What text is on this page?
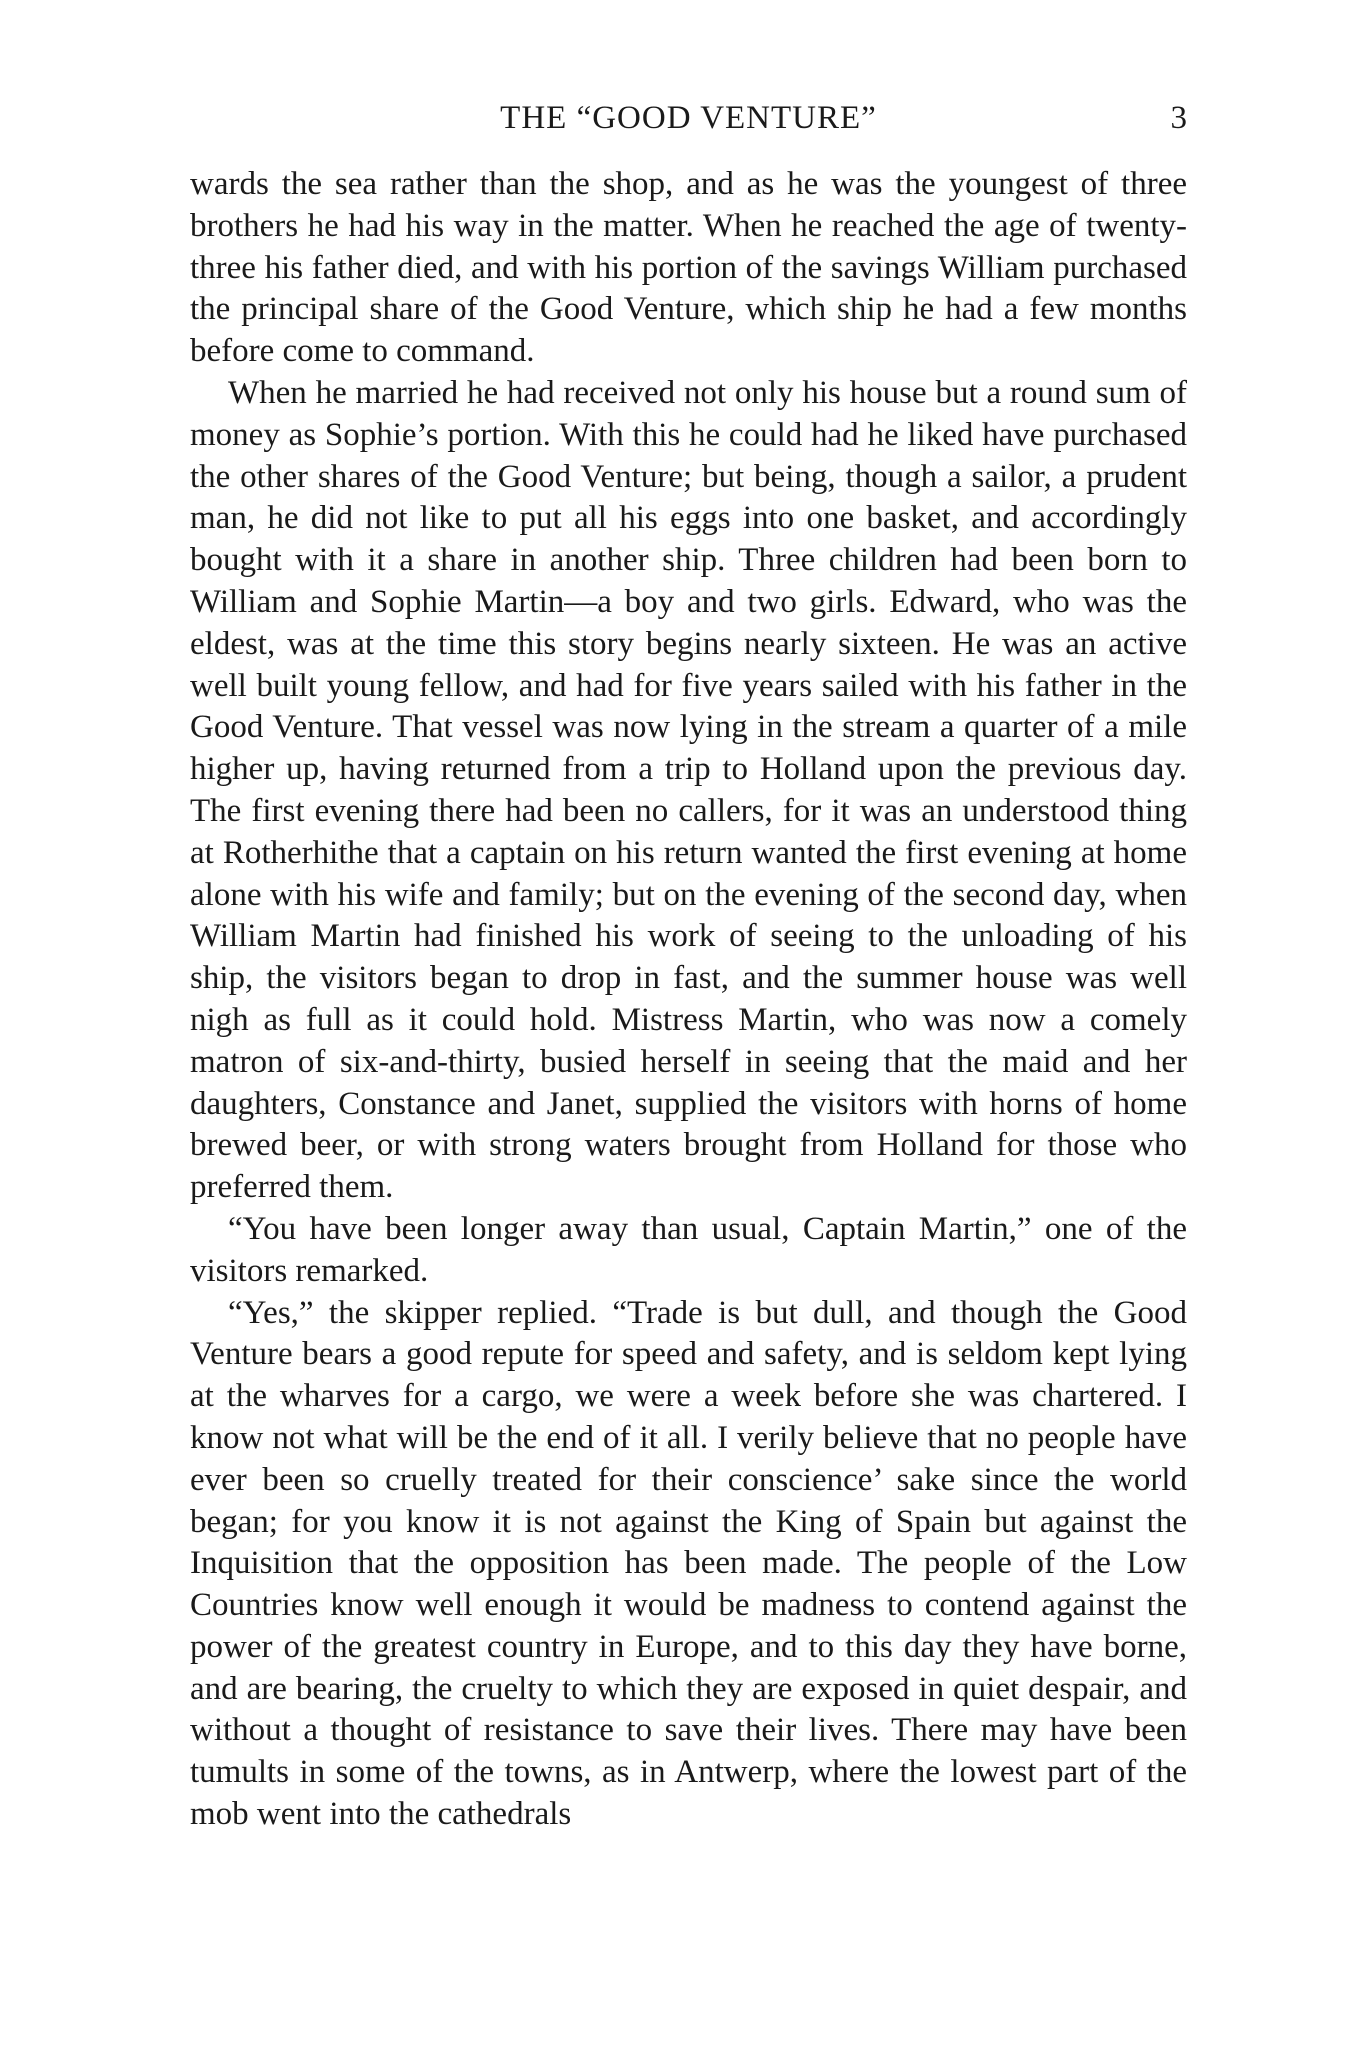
THE “GOOD VENTURE”	3

wards the sea rather than the shop, and as he was the youngest of three brothers he had his way in the matter. When he reached the age of twenty-three his father died, and with his portion of the savings William purchased the principal share of the Good Venture, which ship he had a few months before come to command.

When he married he had received not only his house but a round sum of money as Sophie’s portion. With this he could had he liked have purchased the other shares of the Good Venture; but being, though a sailor, a prudent man, he did not like to put all his eggs into one basket, and accordingly bought with it a share in another ship. Three children had been born to William and Sophie Martin—a boy and two girls. Edward, who was the eldest, was at the time this story begins nearly sixteen. He was an active well built young fellow, and had for five years sailed with his father in the Good Venture. That vessel was now lying in the stream a quarter of a mile higher up, having returned from a trip to Holland upon the previous day. The first evening there had been no callers, for it was an understood thing at Rotherhithe that a captain on his return wanted the first evening at home alone with his wife and family; but on the evening of the second day, when William Martin had finished his work of seeing to the unloading of his ship, the visitors began to drop in fast, and the summer house was well nigh as full as it could hold. Mistress Martin, who was now a comely matron of six-and-thirty, busied herself in seeing that the maid and her daughters, Constance and Janet, supplied the visitors with horns of home brewed beer, or with strong waters brought from Holland for those who preferred them.

“You have been longer away than usual, Captain Martin,” one of the visitors remarked.

“Yes,” the skipper replied. “Trade is but dull, and though the Good Venture bears a good repute for speed and safety, and is seldom kept lying at the wharves for a cargo, we were a week before she was chartered. I know not what will be the end of it all. I verily believe that no people have ever been so cruelly treated for their conscience’ sake since the world began; for you know it is not against the King of Spain but against the Inquisition that the opposition has been made. The people of the Low Countries know well enough it would be madness to contend against the power of the greatest country in Europe, and to this day they have borne, and are bearing, the cruelty to which they are exposed in quiet despair, and without a thought of resistance to save their lives. There may have been tumults in some of the towns, as in Antwerp, where the lowest part of the mob went into the cathedrals
